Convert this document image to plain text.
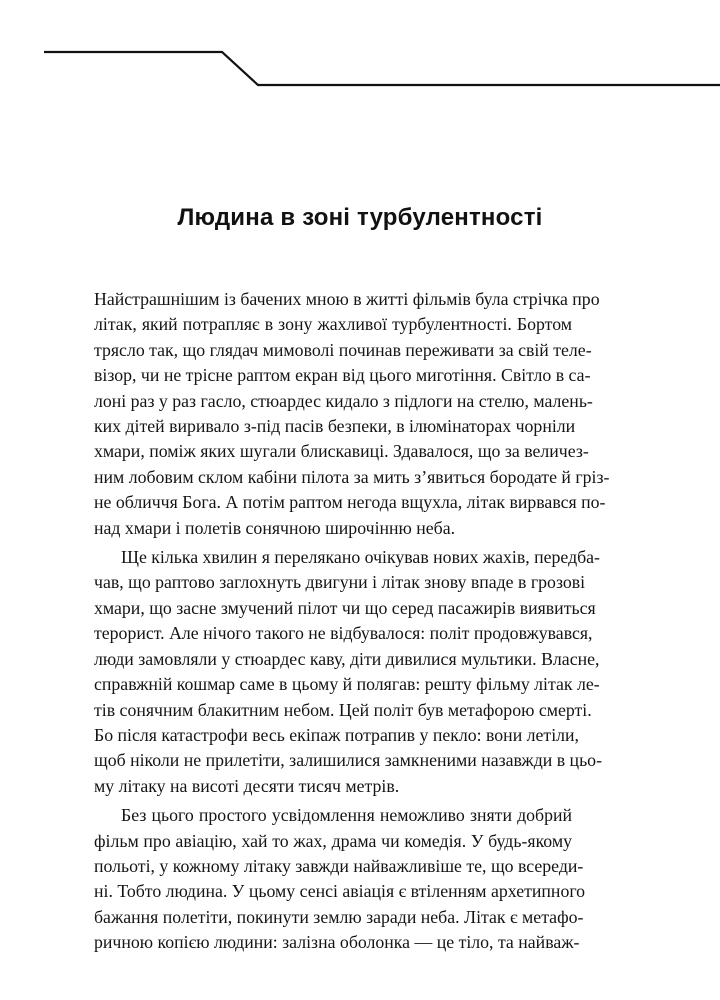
Людина в зоні турбулентності
Найстрашнішим із бачених мною в житті фільмів була стрічка про
літак, який потрапляє в зону жахливої турбулентності. Бортом
трясло так, що глядач мимоволі починав переживати за свій теле-
візор, чи не трісне раптом екран від цього миготіння. Світло в са-
лоні раз у раз гасло, стюардес кидало з підлоги на стелю, малень-
ких дітей виривало з-під пасів безпеки, в ілюмінаторах чорніли
хмари, поміж яких шугали блискавиці. Здавалося, що за величез-
ним лобовим склом кабіни пілота за мить з’явиться бородате й грiз-
не обличчя Бога. А потім раптом негода вщухла, літак вирвався по-
над хмари і полетів сонячною широчінню неба.
Ще кілька хвилин я перелякано очікував нових жахів, передба-
чав, що раптово заглохнуть двигуни і літак знову впаде в грозові
хмари, що засне змучений пілот чи що серед пасажирів виявиться
терорист. Але нічого такого не відбувалося: політ продовжувався,
люди замовляли у стюардес каву, діти дивилися мультики. Власне,
справжній кошмар саме в цьому й полягав: решту фільму літак ле-
тів сонячним блакитним небом. Цей політ був метафорою смерті.
Бо після катастрофи весь екіпаж потрапив у пекло: вони летіли,
щоб ніколи не прилетіти, залишилися замкненими назавжди в цьо-
му літаку на висоті десяти тисяч метрів.
Без цього простого усвідомлення неможливо зняти добрий
фільм про авіацію, хай то жах, драма чи комедія. У будь-якому
польоті, у кожному літаку завжди найважливіше те, що всереди-
ні. Тобто людина. У цьому сенсі авіація є втіленням архетипного
бажання полетіти, покинути землю заради неба. Літак є метафо-
ричною копією людини: залізна оболонка — це тіло, та найваж-
